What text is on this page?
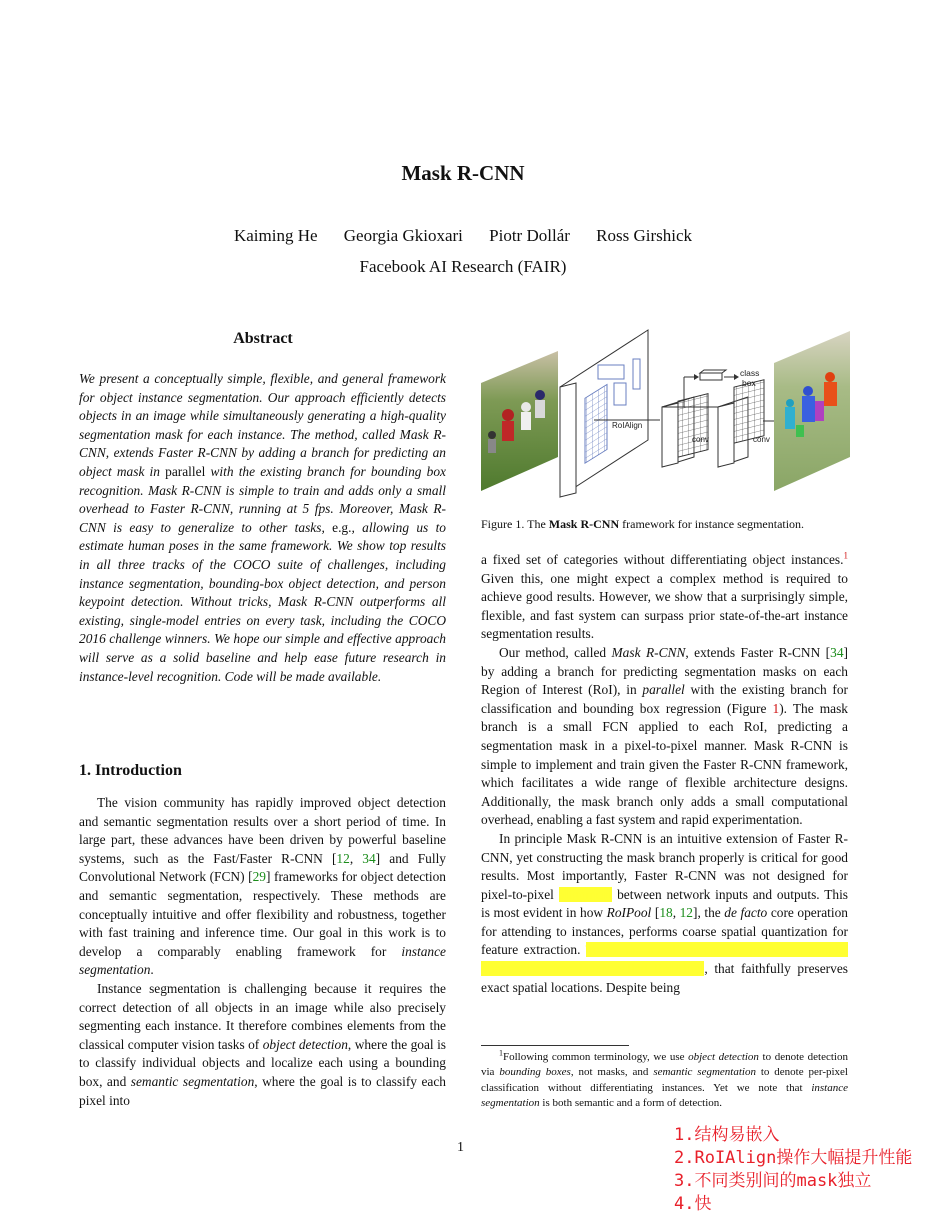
Mask R-CNN
Kaiming He Georgia Gkioxari Piotr Dollár Ross Girshick
Facebook AI Research (FAIR)
Abstract

We present a conceptually simple, flexible, and general framework for object instance segmentation. Our approach efficiently detects objects in an image while simultaneously generating a high-quality segmentation mask for each instance. The method, called Mask R-CNN, extends Faster R-CNN by adding a branch for predicting an object mask in parallel with the existing branch for bounding box recognition. Mask R-CNN is simple to train and adds only a small overhead to Faster R-CNN, running at 5 fps. Moreover, Mask R-CNN is easy to generalize to other tasks, e.g., allowing us to estimate human poses in the same framework. We show top results in all three tracks of the COCO suite of challenges, including instance segmentation, bounding-box object detection, and person keypoint detection. Without tricks, Mask R-CNN outperforms all existing, single-model entries on every task, including the COCO 2016 challenge winners. We hope our simple and effective approach will serve as a solid baseline and help ease future research in instance-level recognition. Code will be made available.

1. Introduction

The vision community has rapidly improved object detection and semantic segmentation results over a short period of time. In large part, these advances have been driven by powerful baseline systems, such as the Fast/Faster R-CNN [12, 34] and Fully Convolutional Network (FCN) [29] frameworks for object detection and semantic segmentation, respectively. These methods are conceptually intuitive and offer flexibility and robustness, together with fast training and inference time. Our goal in this work is to develop a comparably enabling framework for instance segmentation.

Instance segmentation is challenging because it requires the correct detection of all objects in an image while also precisely segmenting each instance. It therefore combines elements from the classical computer vision tasks of object detection, where the goal is to classify individual objects and localize each using a bounding box, and semantic segmentation, where the goal is to classify each pixel into

RoIAlign
conv	conv
class
box
Figure 1. The Mask R-CNN framework for instance segmentation.

a fixed set of categories without differentiating object instances.$^1$ Given this, one might expect a complex method is required to achieve good results. However, we show that a surprisingly simple, flexible, and fast system can surpass prior state-of-the-art instance segmentation results.

Our method, called Mask R-CNN, extends Faster R-CNN [34] by adding a branch for predicting segmentation masks on each Region of Interest (RoI), in parallel with the existing branch for classification and bounding box regression (Figure 1). The mask branch is a small FCN applied to each RoI, predicting a segmentation mask in a pixel-to-pixel manner. Mask R-CNN is simple to implement and train given the Faster R-CNN framework, which facilitates a wide range of flexible architecture designs. Additionally, the mask branch only adds a small computational overhead, enabling a fast system and rapid experimentation.

In principle Mask R-CNN is an intuitive extension of Faster R-CNN, yet constructing the mask branch properly is critical for good results. Most importantly, Faster R-CNN was not designed for pixel-to-pixel alignment between network inputs and outputs. This is most evident in how RoIPool [18, 12], the de facto core operation for attending to instances, performs coarse spatial quantization for feature extraction. To fix the misalignment, we propose a simple, quantization-free layer, called RoIAlign, that faithfully preserves exact spatial locations. Despite being

$^1$Following common terminology, we use object detection to denote detection via bounding boxes, not masks, and semantic segmentation to denote per-pixel classification without differentiating instances. Yet we note that instance segmentation is both semantic and a form of detection.

1
1.结构易嵌入
2.RoIAlign操作大幅提升性能
3.不同类别间的mask独立
4.快
